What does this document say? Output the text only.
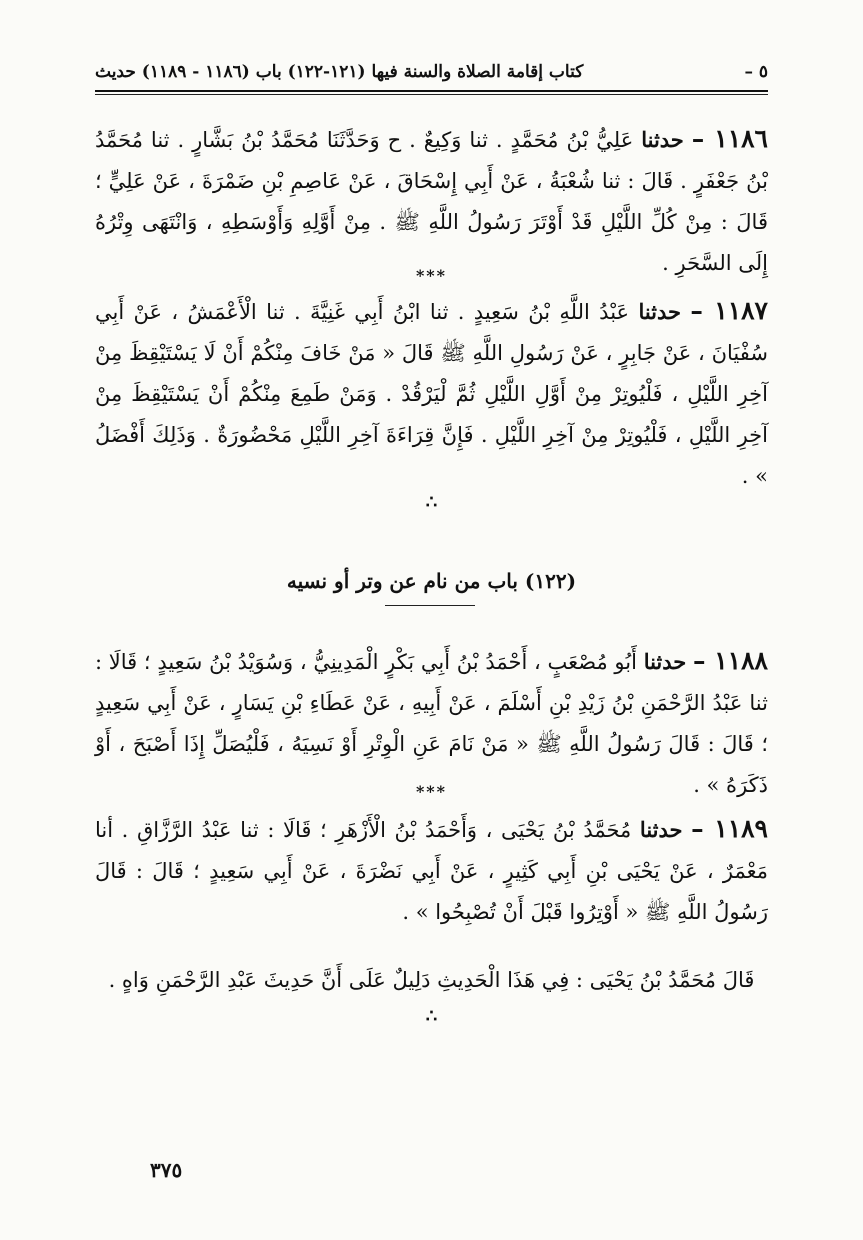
٥ –
كتاب إقامة الصلاة والسنة فيها (١٢١-١٢٢) باب (١١٨٦ - ١١٨٩) حديث
١١٨٦ – حدثنا عَلِيُّ بْنُ مُحَمَّدٍ . ثنا وَكِيعٌ . ح وَحَدَّثَنَا مُحَمَّدُ بْنُ بَشَّارٍ . ثنا مُحَمَّدُ بْنُ جَعْفَرٍ . قَالَ : ثنا شُعْبَةُ ، عَنْ أَبِي إِسْحَاقَ ، عَنْ عَاصِمِ بْنِ ضَمْرَةَ ، عَنْ عَلِيٍّ ؛ قَالَ : مِنْ كُلِّ اللَّيْلِ قَدْ أَوْتَرَ رَسُولُ اللَّهِ ﷺ . مِنْ أَوَّلِهِ وَأَوْسَطِهِ ، وَانْتَهَى وِتْرُهُ إِلَى السَّحَرِ .
***
١١٨٧ – حدثنا عَبْدُ اللَّهِ بْنُ سَعِيدٍ . ثنا ابْنُ أَبِي غَنِيَّةَ . ثنا الْأَعْمَشُ ، عَنْ أَبِي سُفْيَانَ ، عَنْ جَابِرٍ ، عَنْ رَسُولِ اللَّهِ ﷺ قَالَ « مَنْ خَافَ مِنْكُمْ أَنْ لَا يَسْتَيْقِظَ مِنْ آخِرِ اللَّيْلِ ، فَلْيُوتِرْ مِنْ أَوَّلِ اللَّيْلِ ثُمَّ لْيَرْقُدْ . وَمَنْ طَمِعَ مِنْكُمْ أَنْ يَسْتَيْقِظَ مِنْ آخِرِ اللَّيْلِ ، فَلْيُوتِرْ مِنْ آخِرِ اللَّيْلِ . فَإِنَّ قِرَاءَةَ آخِرِ اللَّيْلِ مَحْضُورَةٌ . وَذَلِكَ أَفْضَلُ » .
∴
(١٢٢) باب من نام عن وتر أو نسيه
١١٨٨ – حدثنا أَبُو مُصْعَبٍ ، أَحْمَدُ بْنُ أَبِي بَكْرٍ الْمَدِينِيُّ ، وَسُوَيْدُ بْنُ سَعِيدٍ ؛ قَالَا : ثنا عَبْدُ الرَّحْمَنِ بْنُ زَيْدِ بْنِ أَسْلَمَ ، عَنْ أَبِيهِ ، عَنْ عَطَاءِ بْنِ يَسَارٍ ، عَنْ أَبِي سَعِيدٍ ؛ قَالَ : قَالَ رَسُولُ اللَّهِ ﷺ « مَنْ نَامَ عَنِ الْوِتْرِ أَوْ نَسِيَهُ ، فَلْيُصَلِّ إِذَا أَصْبَحَ ، أَوْ ذَكَرَهُ » .
***
١١٨٩ – حدثنا مُحَمَّدُ بْنُ يَحْيَى ، وَأَحْمَدُ بْنُ الْأَزْهَرِ ؛ قَالَا : ثنا عَبْدُ الرَّزَّاقِ . أنا مَعْمَرٌ ، عَنْ يَحْيَى بْنِ أَبِي كَثِيرٍ ، عَنْ أَبِي نَضْرَةَ ، عَنْ أَبِي سَعِيدٍ ؛ قَالَ : قَالَ رَسُولُ اللَّهِ ﷺ « أَوْتِرُوا قَبْلَ أَنْ تُصْبِحُوا » .
قَالَ مُحَمَّدُ بْنُ يَحْيَى : فِي هَذَا الْحَدِيثِ دَلِيلٌ عَلَى أَنَّ حَدِيثَ عَبْدِ الرَّحْمَنِ وَاهٍ .
∴
٣٧٥
